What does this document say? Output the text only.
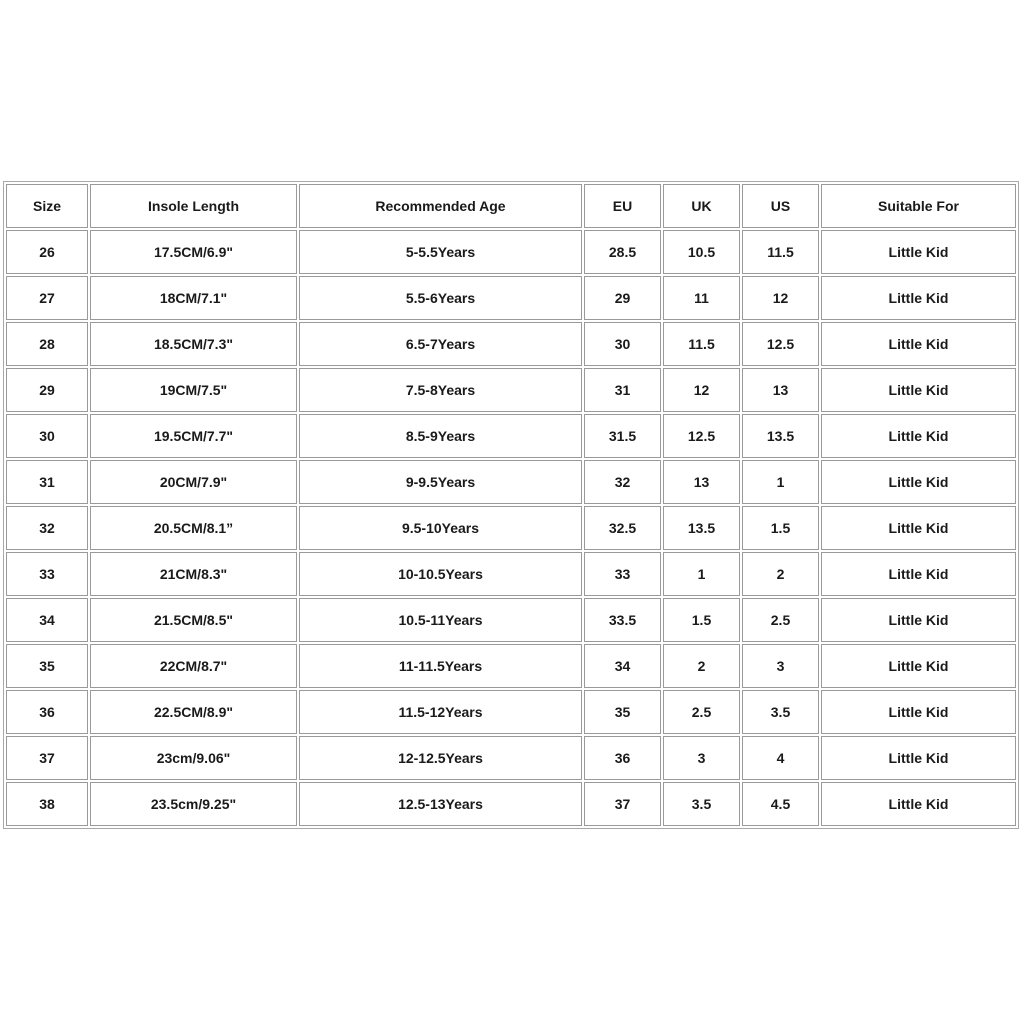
Size	Insole Length	Recommended Age	EU	UK	US	Suitable For
26	17.5CM/6.9"	5-5.5Years	28.5	10.5	11.5	Little Kid
27	18CM/7.1"	5.5-6Years	29	11	12	Little Kid
28	18.5CM/7.3"	6.5-7Years	30	11.5	12.5	Little Kid
29	19CM/7.5"	7.5-8Years	31	12	13	Little Kid
30	19.5CM/7.7"	8.5-9Years	31.5	12.5	13.5	Little Kid
31	20CM/7.9"	9-9.5Years	32	13	1	Little Kid
32	20.5CM/8.1”	9.5-10Years	32.5	13.5	1.5	Little Kid
33	21CM/8.3"	10-10.5Years	33	1	2	Little Kid
34	21.5CM/8.5"	10.5-11Years	33.5	1.5	2.5	Little Kid
35	22CM/8.7"	11-11.5Years	34	2	3	Little Kid
36	22.5CM/8.9"	11.5-12Years	35	2.5	3.5	Little Kid
37	23cm/9.06"	12-12.5Years	36	3	4	Little Kid
38	23.5cm/9.25"	12.5-13Years	37	3.5	4.5	Little Kid
